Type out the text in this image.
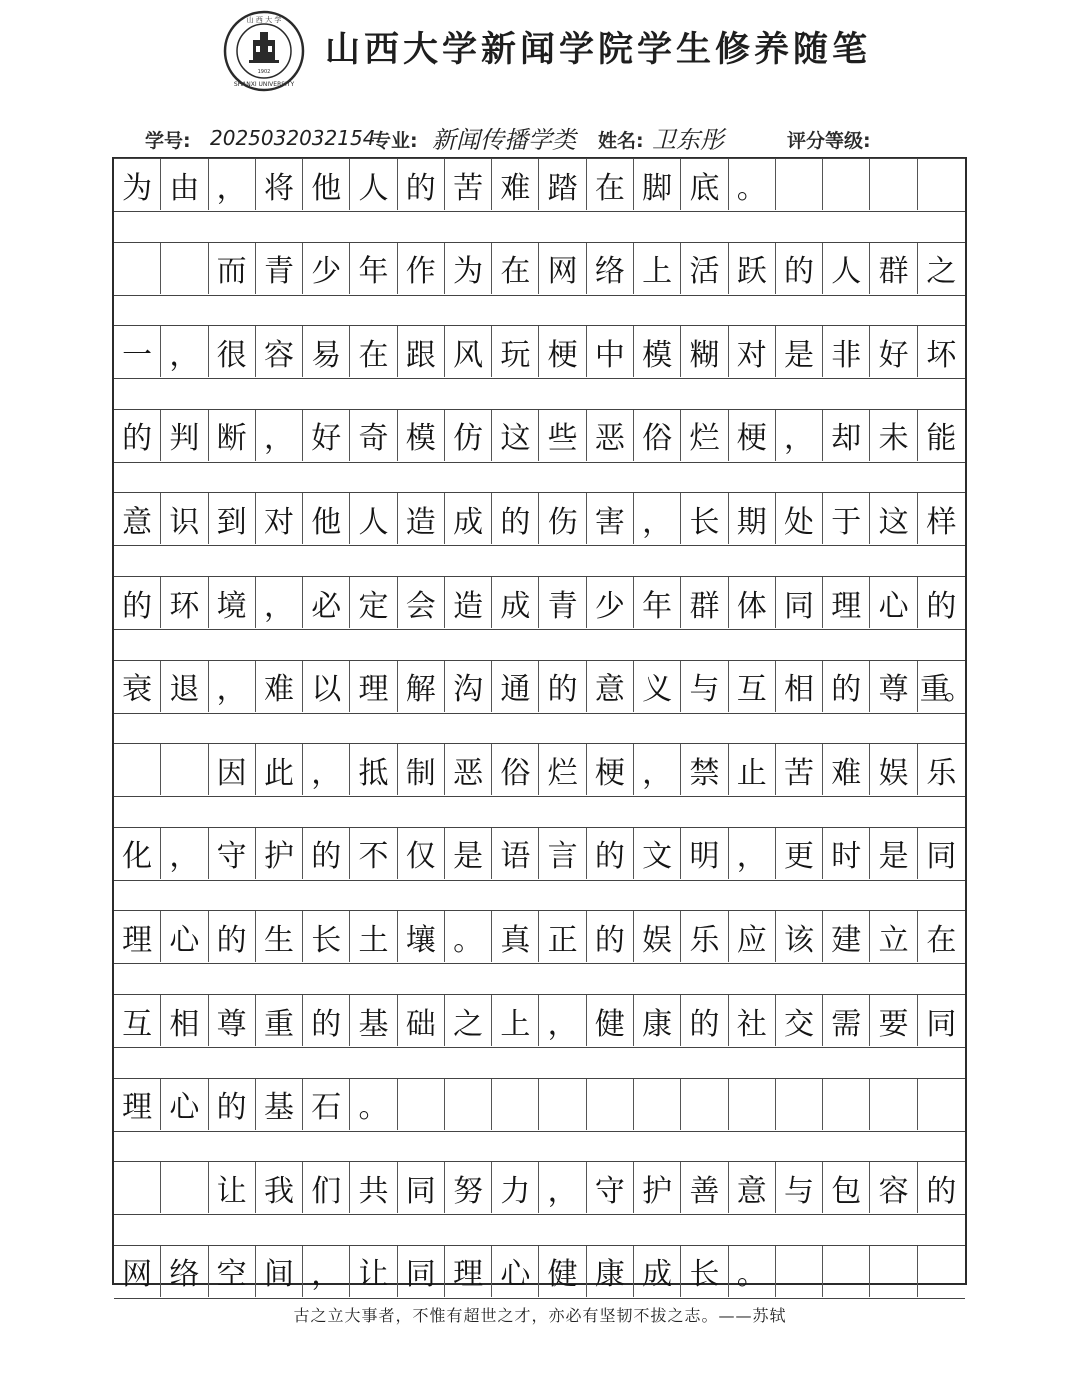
山 西 大 学
1902
SHANXI UNIVERSITY
山西大学新闻学院学生修养随笔
学号: 2025032032154
专业: 新闻传播学类 姓名: 卫东彤	评分等级:
为 由 ， 将 他 人 的 苦 难 踏 在 脚 底 。
而 青 少 年 作 为 在 网 络 上 活 跃 的 人 群 之
一 ， 很 容 易 在 跟 风 玩 梗 中 模 糊 对 是 非 好 坏
的 判 断 ， 好 奇 模 仿 这 些 恶 俗 烂 梗 ， 却 未 能
意 识 到 对 他 人 造 成 的 伤 害 ， 长 期 处 于 这 样
的 环 境 ， 必 定 会 造 成 青 少 年 群 体 同 理 心 的
衰 退 ， 难 以 理 解 沟 通 的 意 义 与 互 相 的 尊 重。
因 此 ， 抵 制 恶 俗 烂 梗 ， 禁 止 苦 难 娱 乐
化 ， 守 护 的 不 仅 是 语 言 的 文 明 ， 更 时 是 同
理 心 的 生 长 土 壤 。 真 正 的 娱 乐 应 该 建 立 在
互 相 尊 重 的 基 础 之 上 ， 健 康 的 社 交 需 要 同
理 心 的 基 石 。
让 我 们 共 同 努 力 ， 守 护 善 意 与 包 容 的
网 络 空 间 ， 让 同 理 心 健 康 成 长 。
古之立大事者，不惟有超世之才，亦必有坚韧不拔之志。——苏轼
